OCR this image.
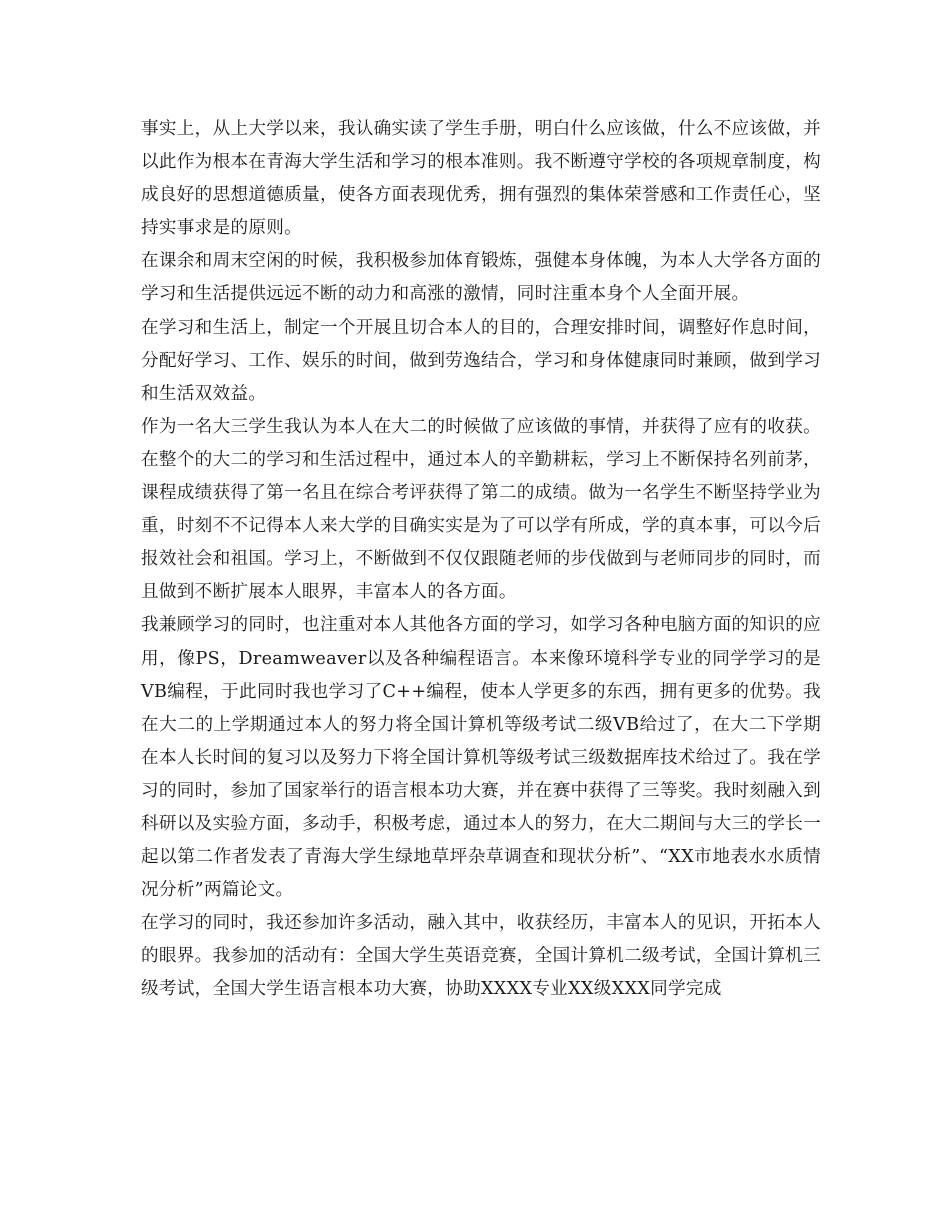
事实上，从上大学以来，我认确实读了学生手册，明白什么应该做，什么不应该做，并以此作为根本在青海大学生活和学习的根本准则。我不断遵守学校的各项规章制度，构成良好的思想道德质量，使各方面表现优秀，拥有强烈的集体荣誉感和工作责任心，坚持实事求是的原则。

在课余和周末空闲的时候，我积极参加体育锻炼，强健本身体魄，为本人大学各方面的学习和生活提供远远不断的动力和高涨的激情，同时注重本身个人全面开展。

在学习和生活上，制定一个开展且切合本人的目的，合理安排时间，调整好作息时间，分配好学习、工作、娱乐的时间，做到劳逸结合，学习和身体健康同时兼顾，做到学习和生活双效益。

作为一名大三学生我认为本人在大二的时候做了应该做的事情，并获得了应有的收获。在整个的大二的学习和生活过程中，通过本人的辛勤耕耘，学习上不断保持名列前茅，课程成绩获得了第一名且在综合考评获得了第二的成绩。做为一名学生不断坚持学业为重，时刻不不记得本人来大学的目确实实是为了可以学有所成，学的真本事，可以今后报效社会和祖国。学习上，不断做到不仅仅跟随老师的步伐做到与老师同步的同时，而且做到不断扩展本人眼界，丰富本人的各方面。

我兼顾学习的同时，也注重对本人其他各方面的学习，如学习各种电脑方面的知识的应用，像PS，Dreamweaver以及各种编程语言。本来像环境科学专业的同学学习的是VB编程，于此同时我也学习了C++编程，使本人学更多的东西，拥有更多的优势。我在大二的上学期通过本人的努力将全国计算机等级考试二级VB给过了，在大二下学期在本人长时间的复习以及努力下将全国计算机等级考试三级数据库技术给过了。我在学习的同时，参加了国家举行的语言根本功大赛，并在赛中获得了三等奖。我时刻融入到科研以及实验方面，多动手，积极考虑，通过本人的努力，在大二期间与大三的学长一起以第二作者发表了青海大学生绿地草坪杂草调查和现状分析”、“XX市地表水水质情况分析”两篇论文。

在学习的同时，我还参加许多活动，融入其中，收获经历，丰富本人的见识，开拓本人的眼界。我参加的活动有：全国大学生英语竞赛，全国计算机二级考试，全国计算机三级考试，全国大学生语言根本功大赛，协助XXXX专业XX级XXX同学完成
